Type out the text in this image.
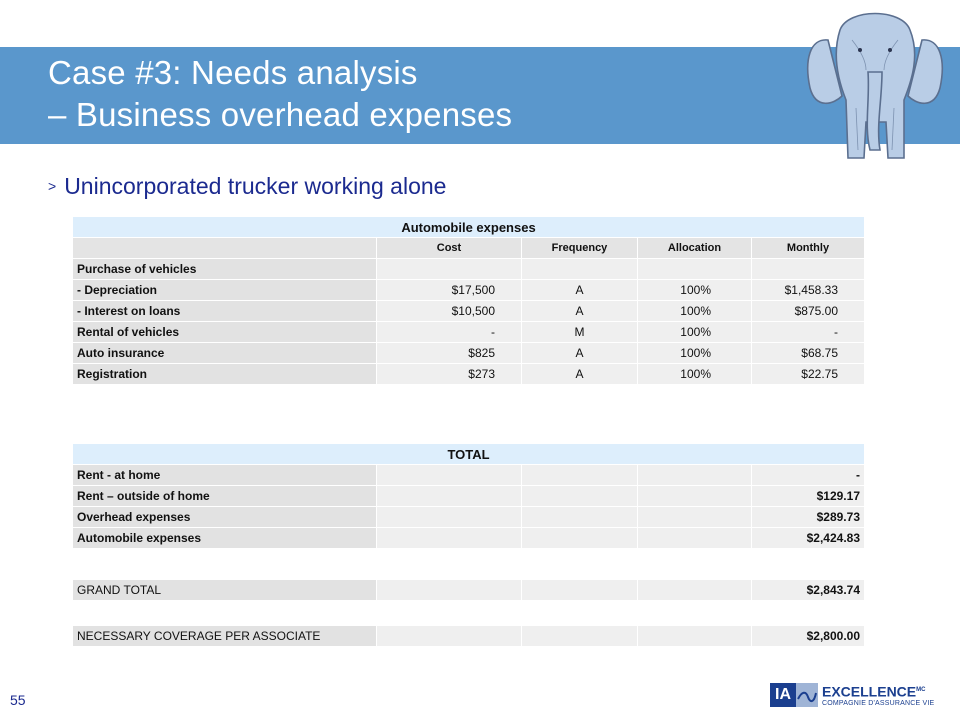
Case #3: Needs analysis
– Business overhead expenses
> Unincorporated trucker working alone
Automobile expenses				
	Cost	Frequency	Allocation	Monthly
Purchase of vehicles				
- Depreciation	$17,500	A	100%	$1,458.33
- Interest on loans	$10,500	A	100%	$875.00
Rental of vehicles	-	M	100%	-
Auto insurance	$825	A	100%	$68.75
Registration	$273	A	100%	$22.75
TOTAL				
Rent - at home				-
Rent – outside of home				$129.17
Overhead expenses				$289.73
Automobile expenses				$2,424.83
GRAND TOTAL				$2,843.74
NECESSARY COVERAGE PER ASSOCIATE				$2,800.00
55	IA	$EXCELLENCE^{MC}$
COMPAGNIE D'ASSURANCE VIE
